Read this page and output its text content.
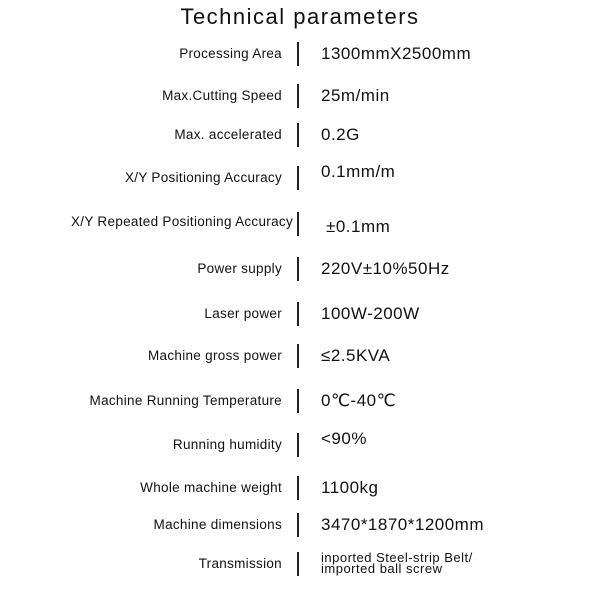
Technical parameters
Processing Area 1300mmX2500mm
Max.Cutting Speed 25m/min
Max. accelerated 0.2G
X/Y Positioning Accuracy 0.1mm/m
X/Y Repeated Positioning Accuracy ±0.1mm
Power supply 220V±10%50Hz
Laser power 100W-200W
Machine gross power ≤2.5KVA
Machine Running Temperature 0℃-40℃
Running humidity <90%
Whole machine weight 1100kg
Machine dimensions 3470*1870*1200mm
Transmission	inported Steel-strip Belt/
imported ball screw
